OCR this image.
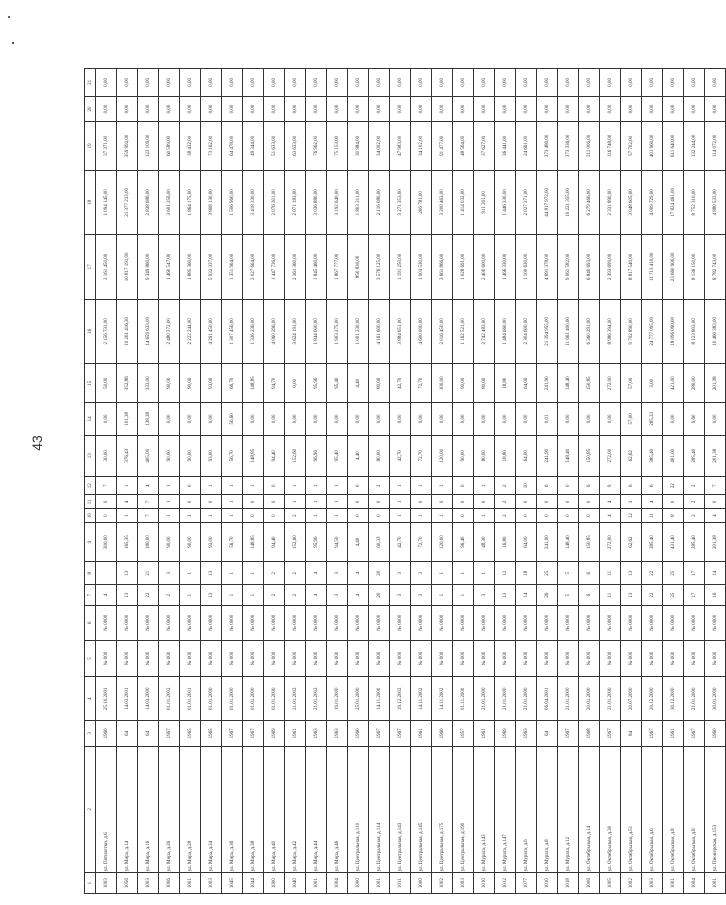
43
1	2	3	4	5	6	7	8	9	10	11	12	13	14	15	16	17	18	19	20	21
1003	ул. Пятилетки, д.6	1960	25.10.2001	№ 000	№ 0000	4		300,00	0	0	7	30,00	0,00	50,00	2 156 731,00	3 161 450,00	1 094 145,00	37 371,00	0,00	0,00
1056	ул. Мира, д.14	64	14.03.2001	№ 000	№ 0000	13	13	165,35	1	4	1	376,43	101,38	352,86	10 261 416,30	10 817 191,00	21 377 233,00	359 992,00	0,00	0,00
1003	ул. Мира, д.16	64	14.03.2000	№ 000	№ 0000	22	21	180,00	7	7	4	405,00	138,38	333,00	14 659 633,00	9 349 860,00	2 838 686,00	123 109,00	0,00	0,00
1006	ул. Мира, д.26	1967	01.01.2002	№ 000	№ 0000	2	3	90,00	1	1	1	90,00	0,00	90,00	2 480 372,00	1 460 547,00	3 601 256,00	60 589,00	0,00	0,00
1001	ул. Мира, д.28	1965	01.01.2001	№ 000	№ 0000	1	1	90,00	1	0	0	90,00	0,00	90,00	2 222 244,00	1 885 360,00	1 864 175,00	38 432,00	0,00	0,00
1003	ул. Мира, д.34	1965	01.01.2000	№ 000	№ 0000	13	13	93,00	1	0	1	93,00	0,00	93,00	4 291 450,00	5 932 337,00	3 808 130,00	73 162,00	0,00	0,00
1045	ул. Мира, д.36	1967	01.01.2000	№ 000	№ 0000	1	1	56,70	1	1	1	56,70	56,60	66,70	1 307 456,00	1 351 964,00	1 506 960,00	64 478,00	0,00	0,00
1044	ул. Мира, д.38	1967	01.01.2000	№ 000	№ 0000	1	1	148,85	0	0	1	148,85	0,00	148,85	1 336 236,00	2 027 664,00	3 418 330,00	49 344,00	0,00	0,00
1000	ул. Мира, д.40	1969	01.01.2000	№ 000	№ 0000	2	2	94,40	0	0	0	94,40	0,00	94,70	4 060 296,00	1 447 736,00	2 076 301,00	51 633,00	0,00	0,00
1040	ул. Мира, д.42	1961	21.01.2002	№ 000	№ 0000	2	2	152,60	2	1	1	152,60	0,00	0,00	3 624 191,00	2 361 360,00	2 071 183,00	63 633,00	0,00	0,00
1001	ул. Мира, д.44	1963	21.01.2002	№ 000	№ 0000	4	4	95,96	1	1	1	96,96	0,00	95,96	1 844 600,00	1 845 460,00	3 036 880,00	76 962,00	0,00	0,00
1004	ул. Мира, д.46	1963	19.01.2000	№ 000	№ 0000	3	3	94,50	1	1	1	95,40	0,00	95,40	1 903 275,00	1 867 777,00	3 192 640,00	75 153,00	0,00	0,00
1000	ул. Центральная, д.110	1960	25.01.2000	№ 000	№ 0000	4	4	4,40	0	0	0	4,40	0,00	4,40	1 001 230,00	850 830,00	1 803 211,00	30 984,00	0,00	0,00
1001	ул. Центральная, д.114	1967	14.11.2000	№ 000	№ 0000	20	20	60,33	0	0	2	80,00	0,00	80,00	4 161 600,00	3 576 125,00	2 116 080,00	34 002,00	0,00	0,00
1011	ул. Центральная, д.143	1967	19.12.2002	№ 000	№ 0000	3	3	42,70	1	1	1	42,70	0,00	42,70	3 884 651,00	1 191 250,00	3 271 353,00	47 983,00	0,00	0,00
1000	ул. Центральная, д.145	1961	14.11.2002	№ 000	№ 0000	3	3	72,70	1	0	1	72,70	0,00	72,70	4 600 000,00	1 003 530,00	206 781,00	34 102,00	0,00	0,00
1002	ул. Центральная, д.175	1960	14.11.2002	№ 000	№ 0000	1	1	120,00	1	0	1	120,00	0,00	100,00	2 016 450,00	3 661 866,00	3 200 463,00	91 477,00	0,00	0,00
1003	ул. Центральная, д.190	1957	01.11.2000	№ 000	№ 0000	1	1	96,40	0	0	0	90,00	0,00	90,00	1 162 521,00	1 028 691,00	1 414 032,00	48 564,00	0,00	0,00
1010	ул. Мурата, д.143	1961	21.01.2000	№ 000	№ 0000	3	1	48,30	1	0	1	80,00	0,00	80,00	2 742 483,00	2 400 600,00	911 201,00	37 627,00	0,00	0,00
1012	ул. Мурата, д.147	1969	21.01.2000	№ 000	№ 0000	13	12	16,80	2	2	2	18,80	0,00	18,80	1 484 660,00	1 466 330,00	1 446 330,00	36 441,00	0,00	0,00
1077	ул. Мурата, д.6	1963	21.01.2000	№ 000	№ 0000	14	18	64,00	0	0	10	64,00	0,00	64,00	2 304 600,00	1 100 630,00	2 027 271,00	24 661,00	0,00	0,00
1010	ул. Мурата, д.8	64	06.04.2001	№ 000	№ 0000	26	25	241,90	0	0	6	241,90	0,01	241,90	21 394 955,00	4 691 378,00	44 817 972,00	373 480,00	0,00	0,00
1018	ул. Мурата, д.12	1967	21.01.2000	№ 000	№ 0000	5	5	148,40	0	0	0	148,40	0,00	148,40	11 661 400,00	9 061 582,00	10 221 355,00	373 336,00	0,00	0,00
1006	ул. Октябрьская, д.14	1968	20.01.2000	№ 000	№ 0000	6	6	150,85	0	0	6	150,85	0,00	150,85	6 360 291,00	6 840 693,00	6 279 466,00	211 006,00	0,00	0,00
1005	ул. Октябрьская, д.30	1967	21.01.2000	№ 000	№ 0000	11	11	272,00	4	4	9	272,00	0,00	272,00	8 986 394,00	2 393 699,00	2 331 890,00	116 748,00	0,00	0,00
1002	ул. Октябрьская, д.51	84	20.07.2000	№ 000	№ 0000	13	13	62,62	12	3	6	62,62	57,00	57,00	9 702 890,00	8 817 540,00	3 048 605,00	57 702,00	0,00	0,00
1003	ул. Октябрьская, д.6	1967	20.12.2000	№ 000	№ 0000	22	22	385,40	11	4	6	385,40	285,33	3,00	24 777 095,00	11 713 410,00	4 009 729,00	401 960,00	0,00	0,00
1001	ул. Октябрьская, д.8	1961	30.12.2000	№ 000	№ 0000	25	25	431,40	8	0	22	401,00	0,00	421,00	18 096 090,00	23 660 900,00	17 824 461,00	611 640,00	0,00	0,00
1004	ул. Октябрьская, д.8	1967	21.01.2000	№ 000	№ 0000	17	17	285,40	2	2	2	285,40	9,60	280,00	8 123 803,00	8 136 150,00	8 752 310,00	132 244,00	0,00	0,00
1001	ул. Пионерская, д.153	1960	30.01.2000	№ 000	№ 0000	16	14	201,38	4	0	7	201,38	0,00	201,38	10 460 383,00	8 782 743,00	4 880 533,00	114 072,00	0,00	0,00
